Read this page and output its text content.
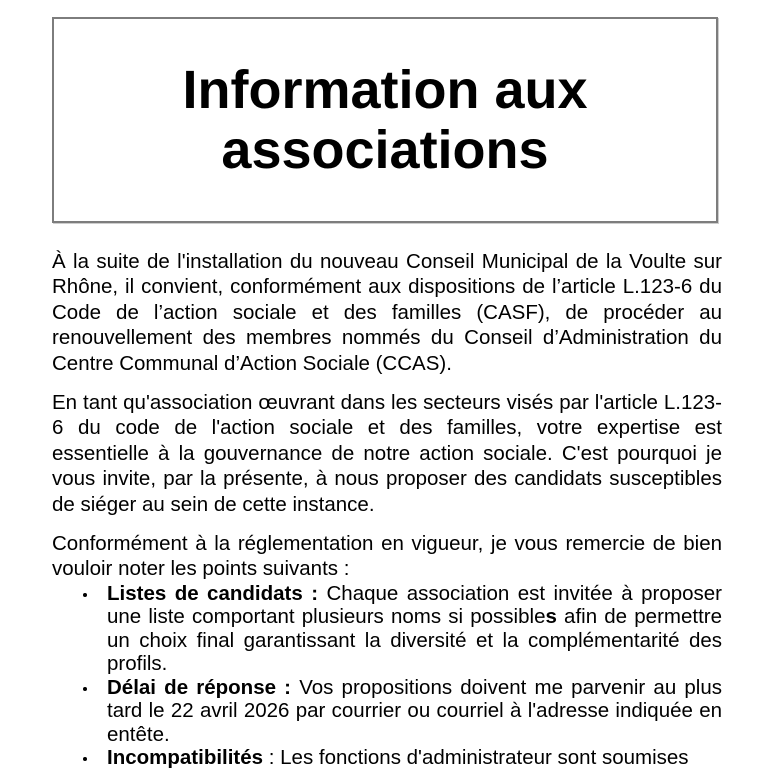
Information aux associations

À la suite de l'installation du nouveau Conseil Municipal de la Voulte sur Rhône, il convient, conformément aux dispositions de l’article L.123-6 du Code de l’action sociale et des familles (CASF), de procéder au renouvellement des membres nommés du Conseil d’Administration du Centre Communal d’Action Sociale (CCAS).

En tant qu'association œuvrant dans les secteurs visés par l'article L.123-6 du code de l'action sociale et des familles, votre expertise est essentielle à la gouvernance de notre action sociale. C'est pourquoi je vous invite, par la présente, à nous proposer des candidats susceptibles de siéger au sein de cette instance.

Conformément à la réglementation en vigueur, je vous remercie de bien vouloir noter les points suivants :

Listes de candidats : Chaque association est invitée à proposer une liste comportant plusieurs noms si possibles afin de permettre un choix final garantissant la diversité et la complémentarité des profils.
Délai de réponse : Vos propositions doivent me parvenir au plus tard le 22 avril 2026 par courrier ou courriel à l'adresse indiquée en entête.
Incompatibilités : Les fonctions d'administrateur sont soumises
